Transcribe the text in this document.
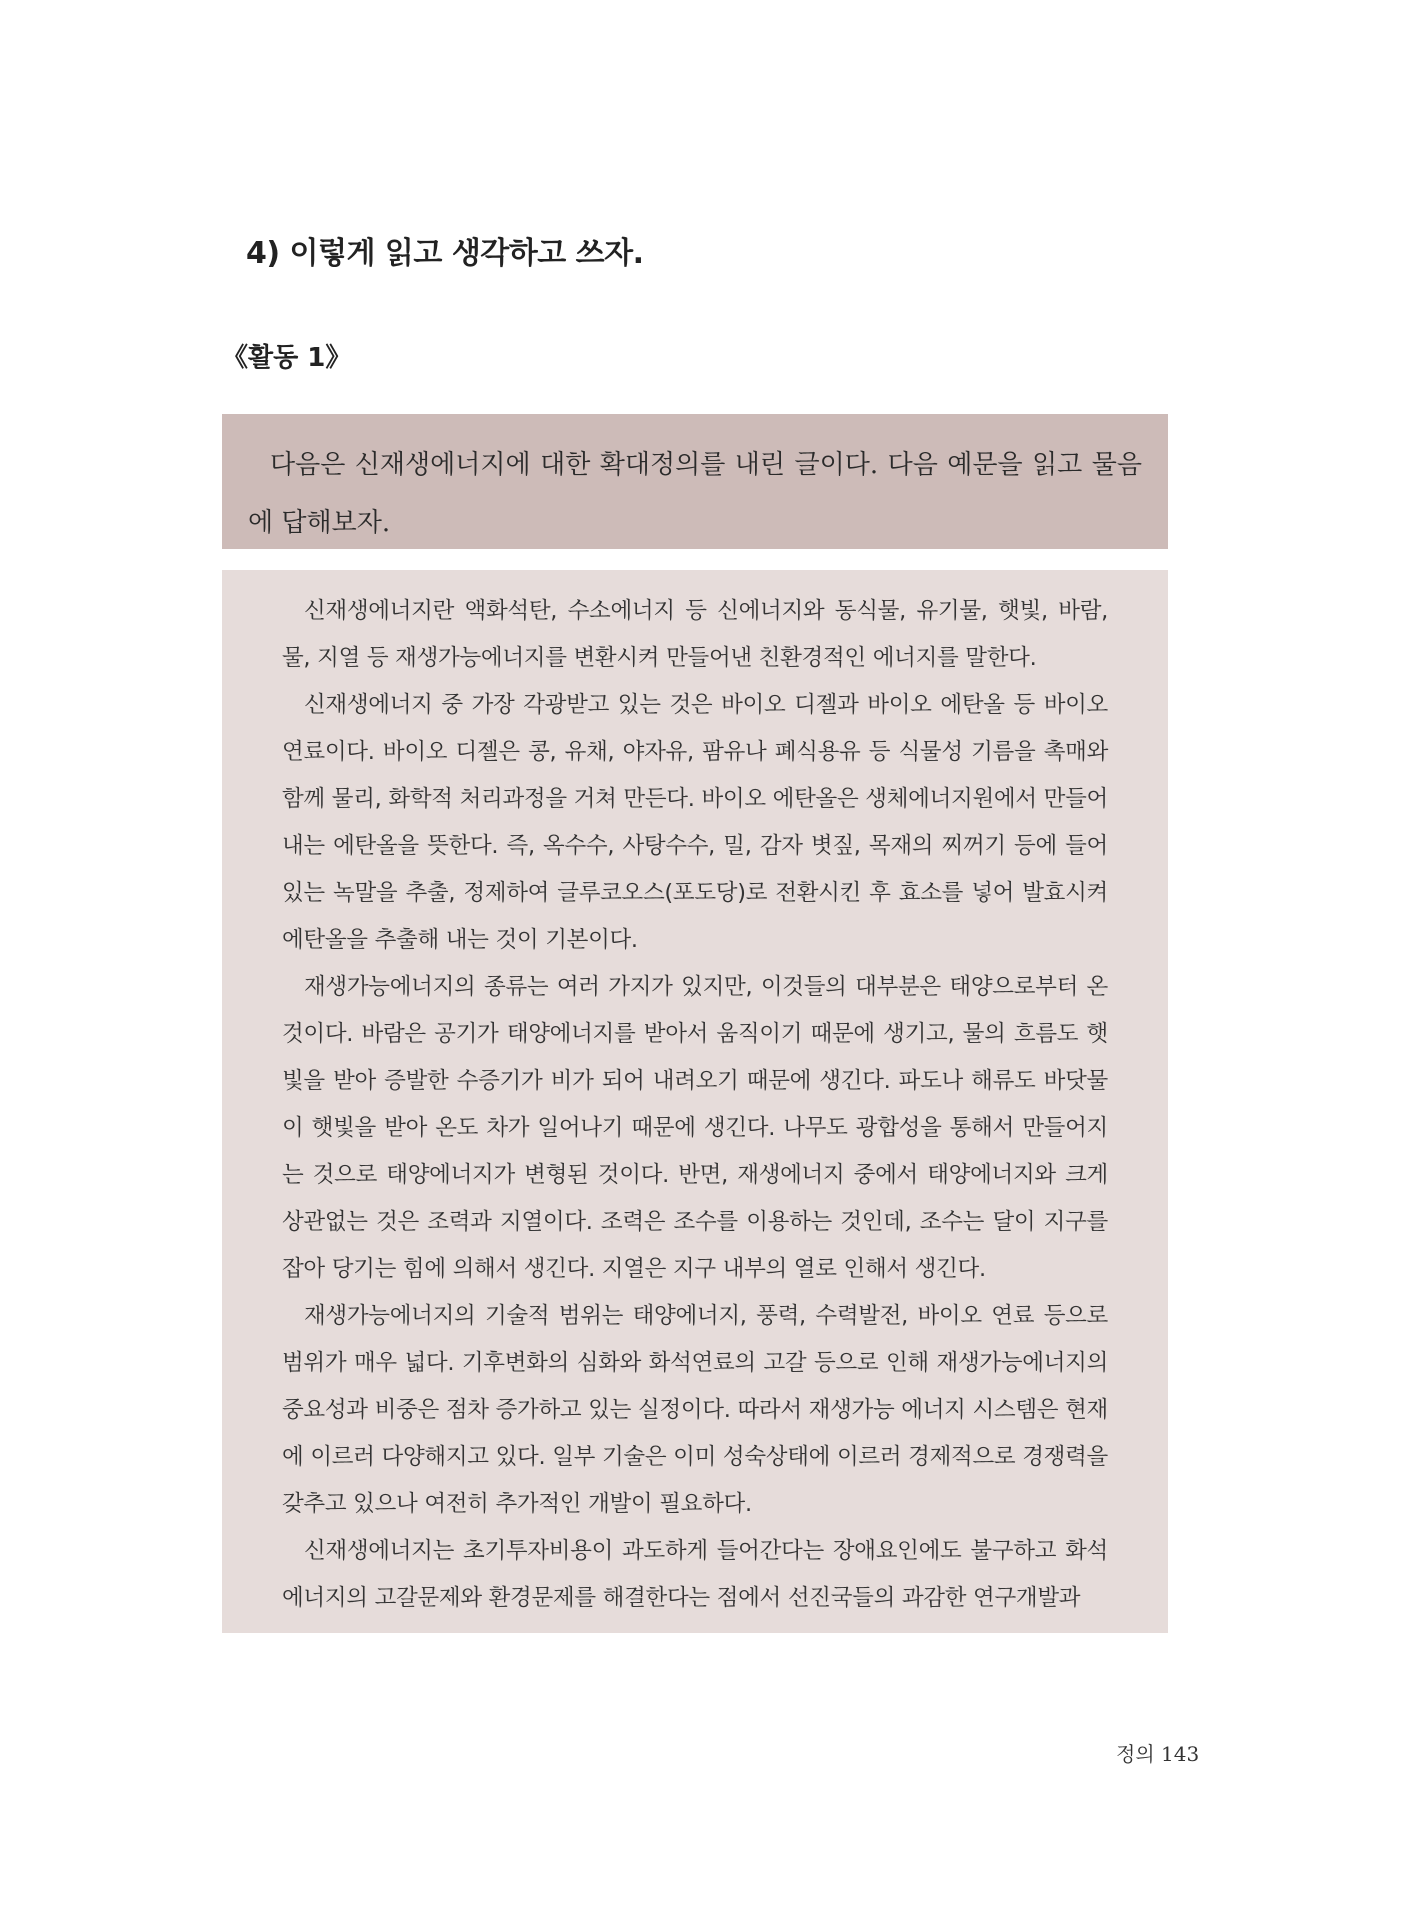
4) 이렇게 읽고 생각하고 쓰자.
《활동 1》

다음은 신재생에너지에 대한 확대정의를 내린 글이다. 다음 예문을 읽고 물음에 답해보자.

신재생에너지란 액화석탄, 수소에너지 등 신에너지와 동식물, 유기물, 햇빛, 바람, 물, 지열 등 재생가능에너지를 변환시켜 만들어낸 친환경적인 에너지를 말한다.

신재생에너지 중 가장 각광받고 있는 것은 바이오 디젤과 바이오 에탄올 등 바이오 연료이다. 바이오 디젤은 콩, 유채, 야자유, 팜유나 폐식용유 등 식물성 기름을 촉매와 함께 물리, 화학적 처리과정을 거쳐 만든다. 바이오 에탄올은 생체에너지원에서 만들어내는 에탄올을 뜻한다. 즉, 옥수수, 사탕수수, 밀, 감자 볏짚, 목재의 찌꺼기 등에 들어 있는 녹말을 추출, 정제하여 글루코오스(포도당)로 전환시킨 후 효소를 넣어 발효시켜 에탄올을 추출해 내는 것이 기본이다.

재생가능에너지의 종류는 여러 가지가 있지만, 이것들의 대부분은 태양으로부터 온 것이다. 바람은 공기가 태양에너지를 받아서 움직이기 때문에 생기고, 물의 흐름도 햇빛을 받아 증발한 수증기가 비가 되어 내려오기 때문에 생긴다. 파도나 해류도 바닷물이 햇빛을 받아 온도 차가 일어나기 때문에 생긴다. 나무도 광합성을 통해서 만들어지는 것으로 태양에너지가 변형된 것이다. 반면, 재생에너지 중에서 태양에너지와 크게 상관없는 것은 조력과 지열이다. 조력은 조수를 이용하는 것인데, 조수는 달이 지구를 잡아 당기는 힘에 의해서 생긴다. 지열은 지구 내부의 열로 인해서 생긴다.

재생가능에너지의 기술적 범위는 태양에너지, 풍력, 수력발전, 바이오 연료 등으로 범위가 매우 넓다. 기후변화의 심화와 화석연료의 고갈 등으로 인해 재생가능에너지의 중요성과 비중은 점차 증가하고 있는 실정이다. 따라서 재생가능 에너지 시스템은 현재에 이르러 다양해지고 있다. 일부 기술은 이미 성숙상태에 이르러 경제적으로 경쟁력을 갖추고 있으나 여전히 추가적인 개발이 필요하다.

신재생에너지는 초기투자비용이 과도하게 들어간다는 장애요인에도 불구하고 화석에너지의 고갈문제와 환경문제를 해결한다는 점에서 선진국들의 과감한 연구개발과

정의 143
